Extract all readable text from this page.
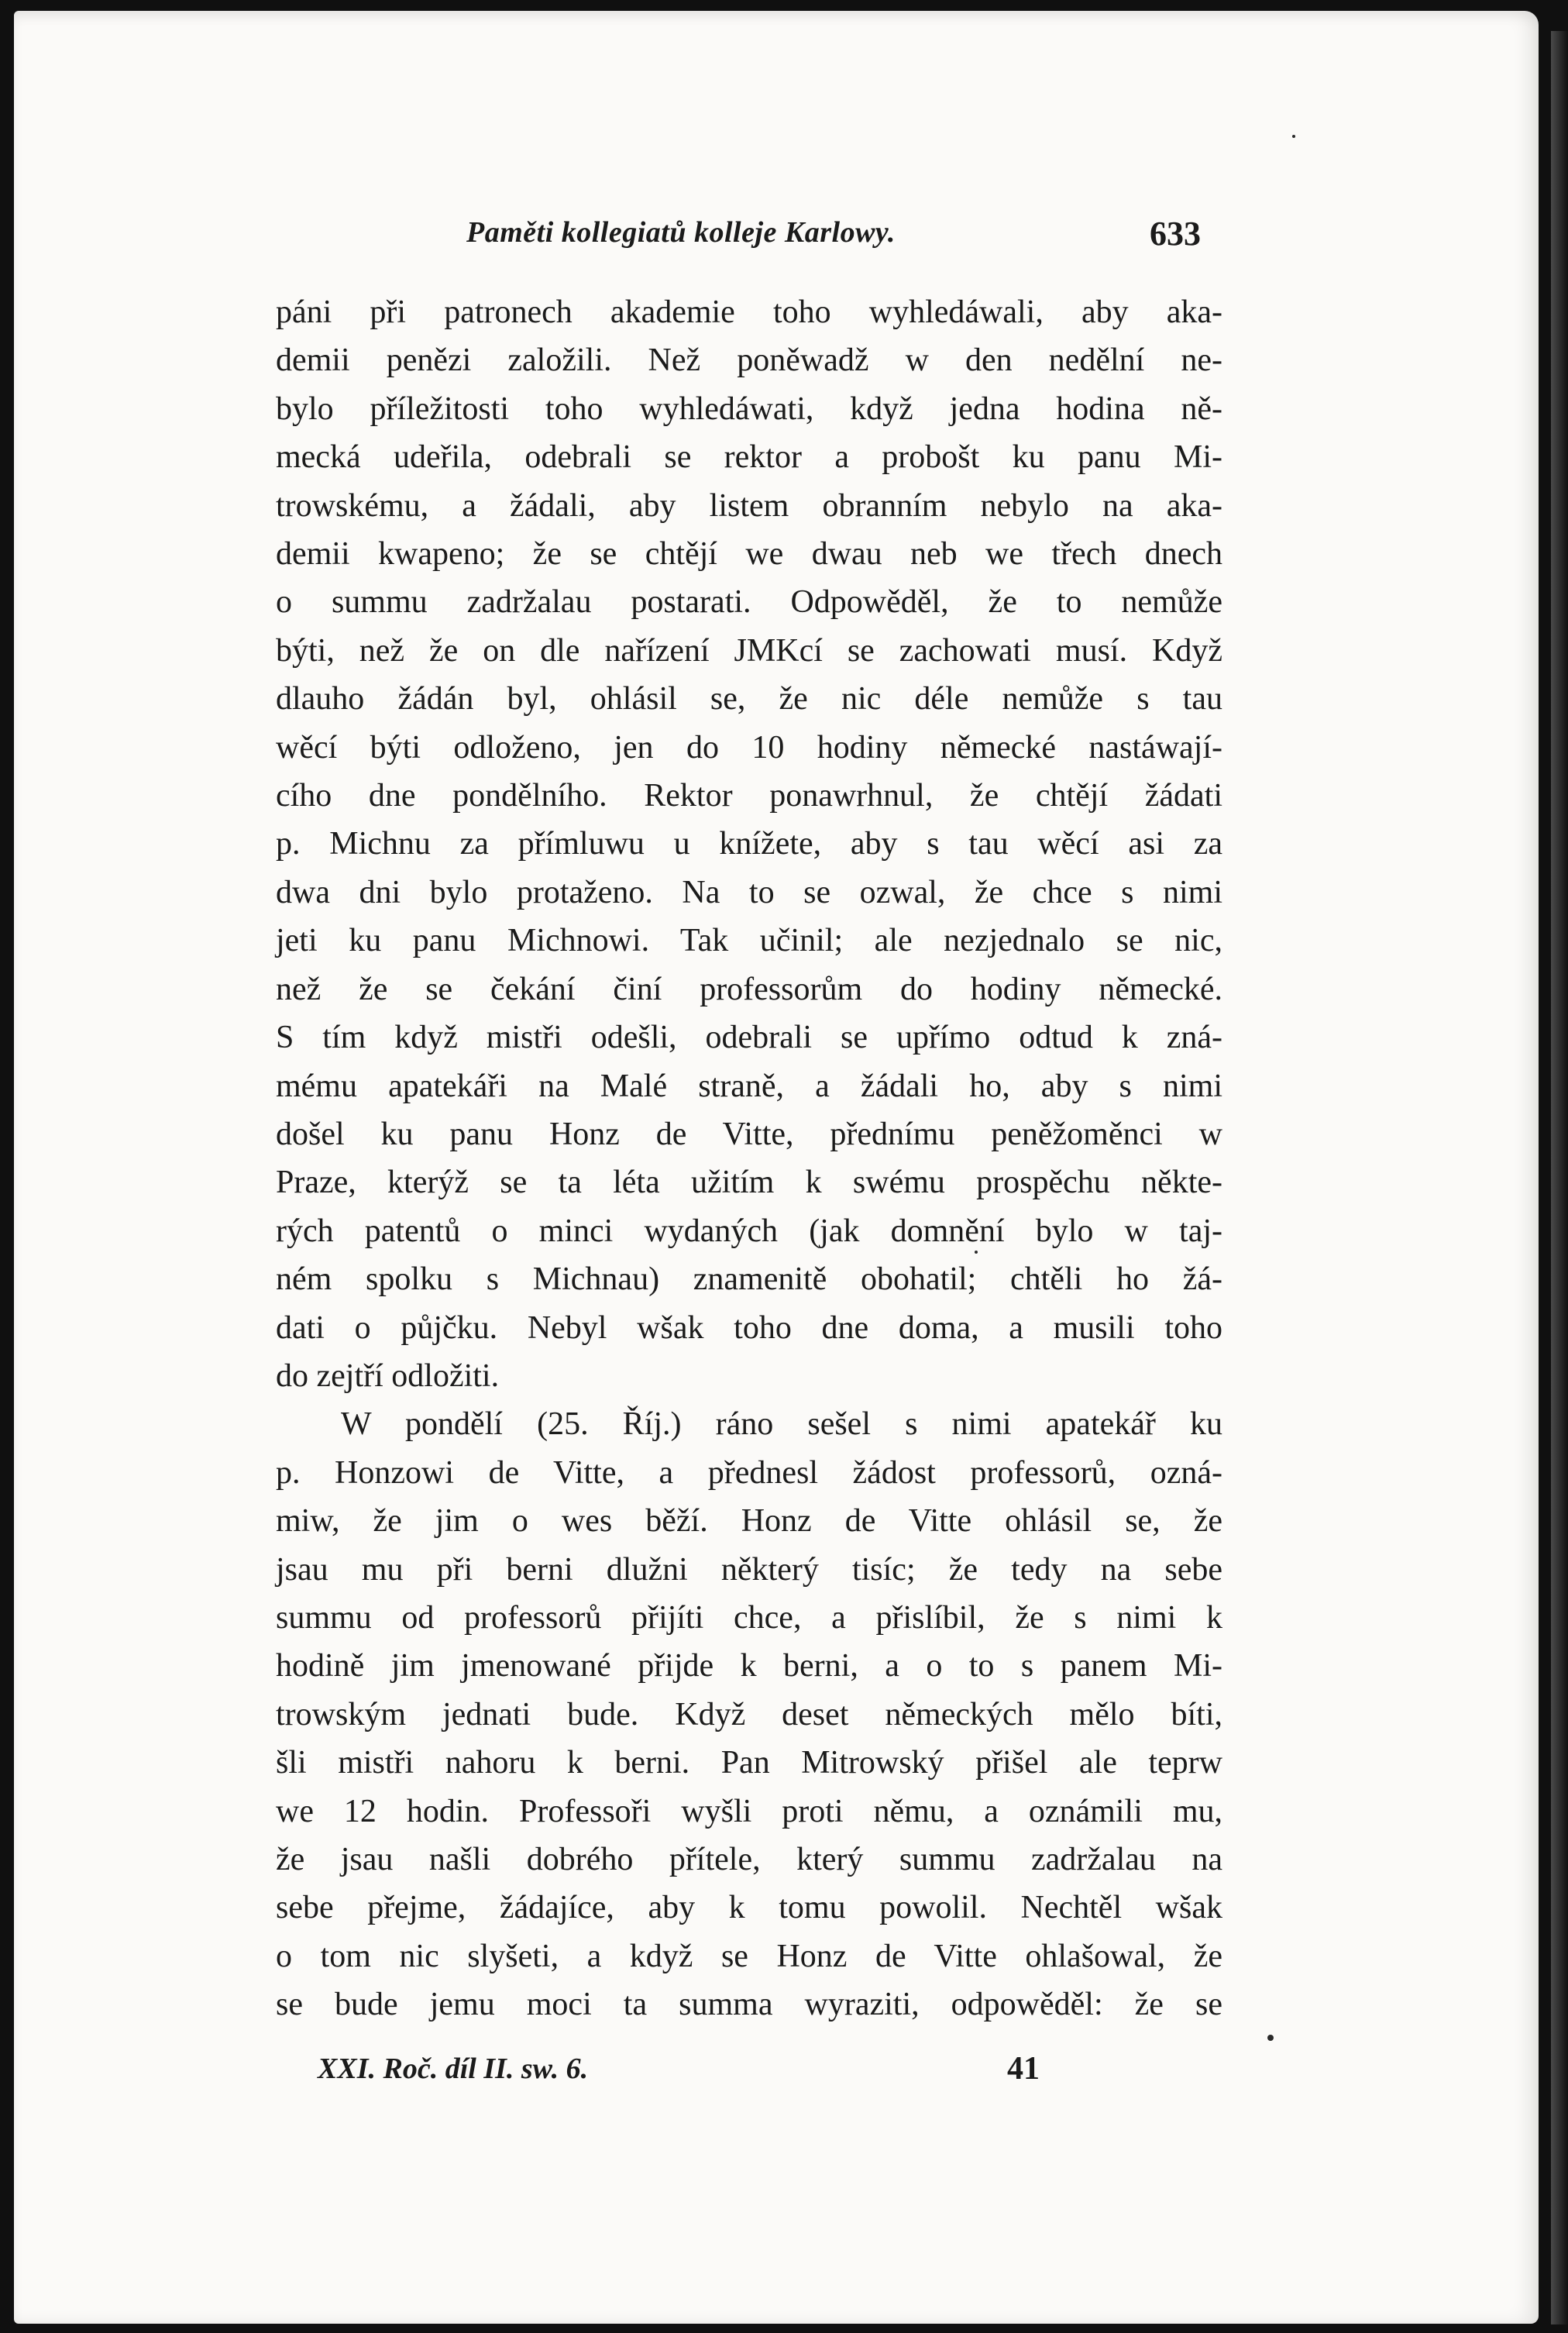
Paměti kollegiatů kolleje Karlowy.	633
páni při patronech akademie toho wyhledáwali, aby aka-
demii penězi založili. Než poněwadž w den nedělní ne-
bylo příležitosti toho wyhledáwati, když jedna hodina ně-
mecká udeřila, odebrali se rektor a probošt ku panu Mi-
trowskému, a žádali, aby listem obranním nebylo na aka-
demii kwapeno; že se chtějí we dwau neb we třech dnech
o summu zadržalau postarati. Odpowěděl, že to nemůže
býti, než že on dle nařízení JMKcí se zachowati musí. Když
dlauho žádán byl, ohlásil se, že nic déle nemůže s tau
wěcí býti odloženo, jen do 10 hodiny německé nastáwají-
cího dne pondělního. Rektor ponawrhnul, že chtějí žádati
p. Michnu za přímluwu u knížete, aby s tau wěcí asi za
dwa dni bylo protaženo. Na to se ozwal, že chce s nimi
jeti ku panu Michnowi. Tak učinil; ale nezjednalo se nic,
než že se čekání činí professorům do hodiny německé.
S tím když mistři odešli, odebrali se upřímo odtud k zná-
mému apatekáři na Malé straně, a žádali ho, aby s nimi
došel ku panu Honz de Vitte, přednímu peněžoměnci w
Praze, kterýž se ta léta užitím k swému prospěchu někte-
rých patentů o minci wydaných (jak domnění bylo w taj-
ném spolku s Michnau) znamenitě obohatil; chtěli ho žá-
dati o půjčku. Nebyl wšak toho dne doma, a musili toho
do zejtří odložiti.
W pondělí (25. Říj.) ráno sešel s nimi apatekář ku
p. Honzowi de Vitte, a přednesl žádost professorů, ozná-
miw, že jim o wes běží. Honz de Vitte ohlásil se, že
jsau mu při berni dlužni některý tisíc; že tedy na sebe
summu od professorů přijíti chce, a přislíbil, že s nimi k
hodině jim jmenowané přijde k berni, a o to s panem Mi-
trowským jednati bude. Když deset německých mělo bíti,
šli mistři nahoru k berni. Pan Mitrowský přišel ale teprw
we 12 hodin. Professoři wyšli proti němu, a oznámili mu,
že jsau našli dobrého přítele, který summu zadržalau na
sebe přejme, žádajíce, aby k tomu powolil. Nechtěl wšak
o tom nic slyšeti, a když se Honz de Vitte ohlašowal, že
se bude jemu moci ta summa wyraziti, odpowěděl: že se
XXI. Roč. díl II. sw. 6.	41
